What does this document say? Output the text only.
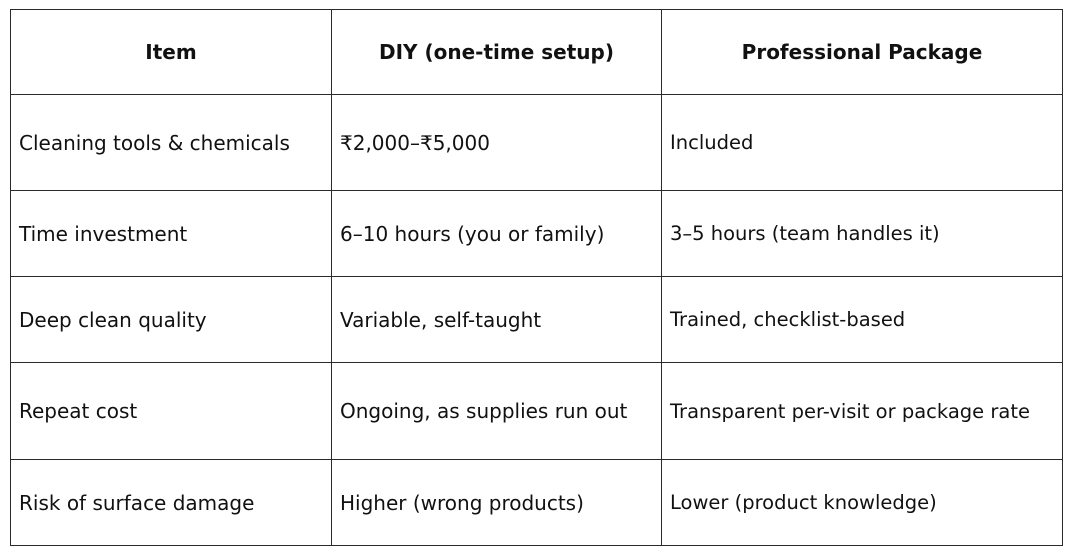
Item	DIY (one-time setup)	Professional Package
Cleaning tools & chemicals	₹2,000–₹5,000	Included
Time investment	6–10 hours (you or family)	3–5 hours (team handles it)
Deep clean quality	Variable, self-taught	Trained, checklist-based
Repeat cost	Ongoing, as supplies run out	Transparent per-visit or package rate
Risk of surface damage	Higher (wrong products)	Lower (product knowledge)
